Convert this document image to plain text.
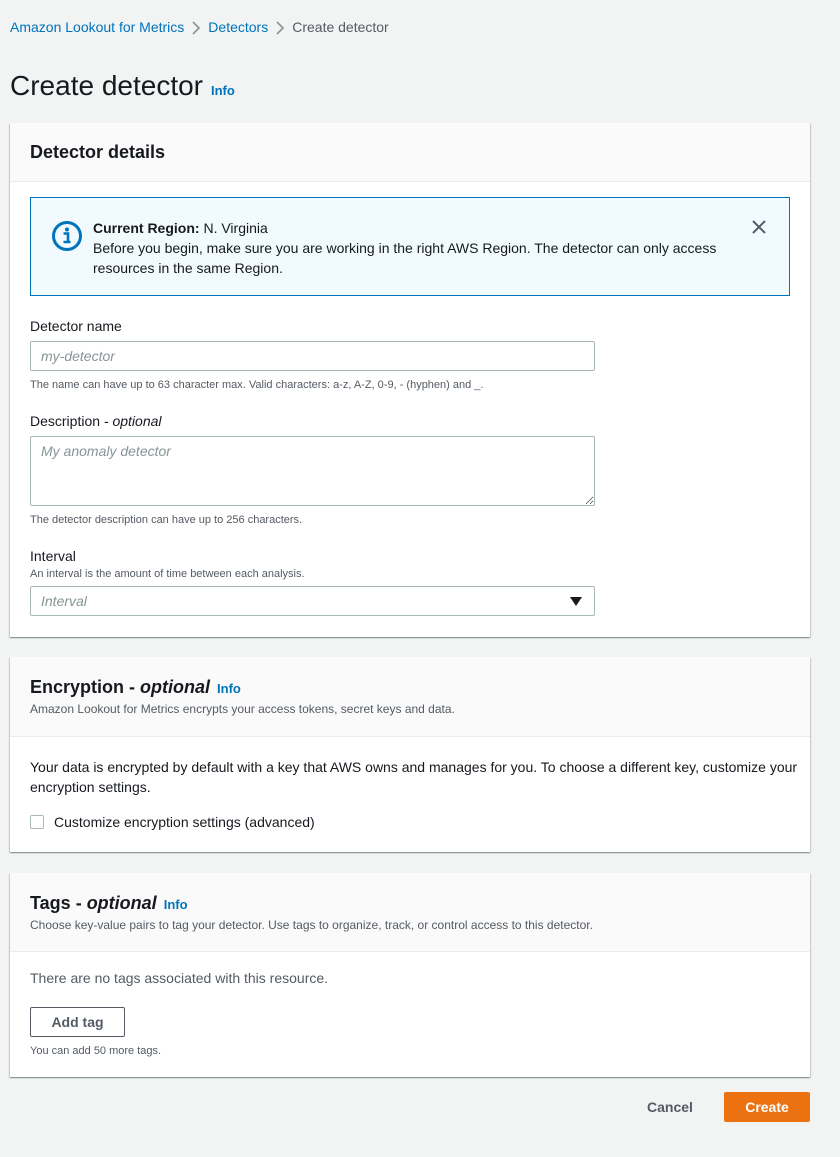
Amazon Lookout for Metrics Detectors Create detector
Create detector Info
Detector details
Current Region: N. Virginia
Before you begin, make sure you are working in the right AWS Region. The detector can only access resources in the same Region.
Detector name
my-detector
The name can have up to 63 character max. Valid characters: a-z, A-Z, 0-9, - (hyphen) and _.
Description - optional
My anomaly detector
The detector description can have up to 256 characters.
Interval
An interval is the amount of time between each analysis.
Interval
Encryption - optional Info
Amazon Lookout for Metrics encrypts your access tokens, secret keys and data.
Your data is encrypted by default with a key that AWS owns and manages for you. To choose a different key, customize your encryption settings.
Customize encryption settings (advanced)
Tags - optional Info
Choose key-value pairs to tag your detector. Use tags to organize, track, or control access to this detector.
There are no tags associated with this resource.
Add tag
You can add 50 more tags.
Cancel	Create
